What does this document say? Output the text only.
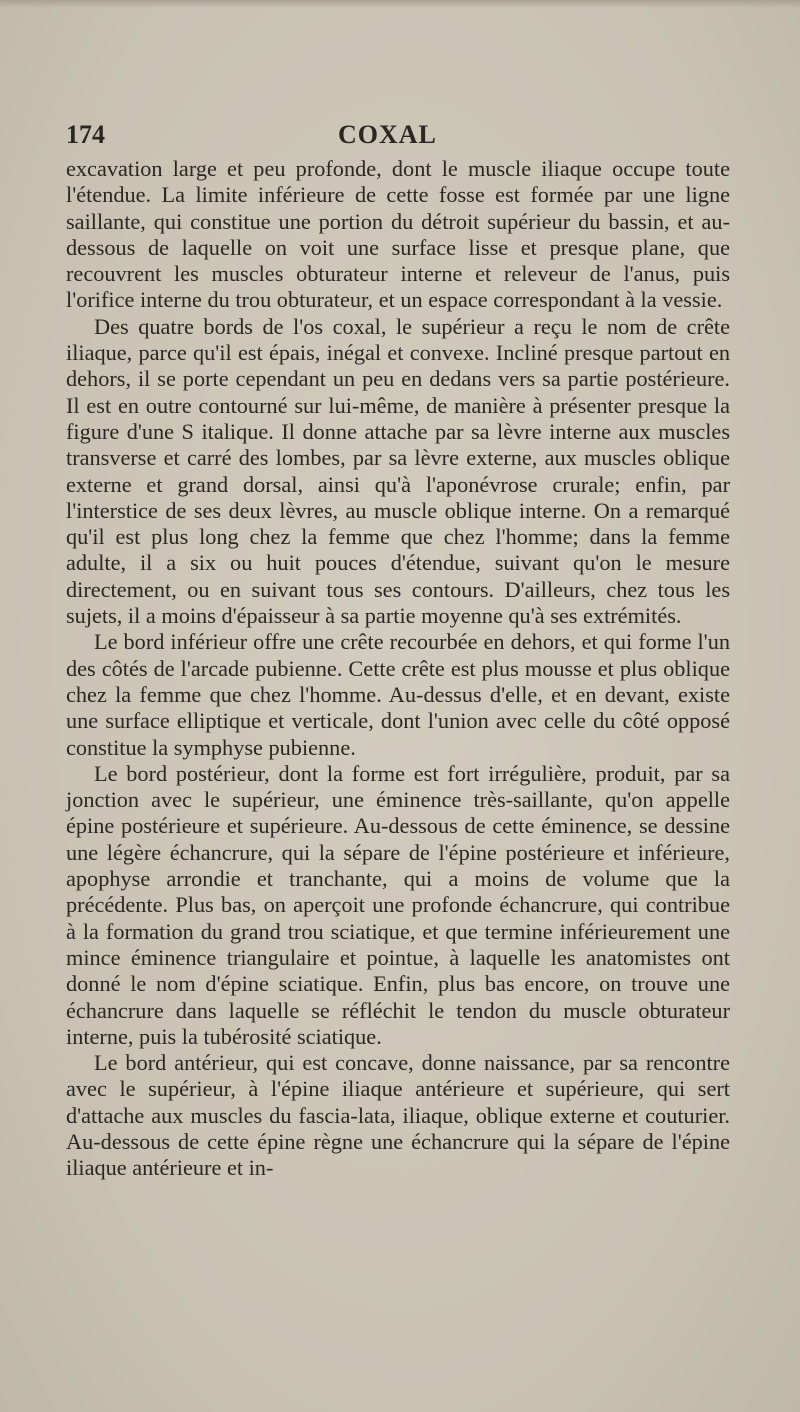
174	COXAL

excavation large et peu profonde, dont le muscle iliaque occupe toute l'étendue. La limite inférieure de cette fosse est formée par une ligne saillante, qui constitue une portion du détroit supérieur du bassin, et au-dessous de laquelle on voit une surface lisse et presque plane, que recouvrent les muscles obturateur interne et releveur de l'anus, puis l'orifice interne du trou obturateur, et un espace correspondant à la vessie.

Des quatre bords de l'os coxal, le supérieur a reçu le nom de crête iliaque, parce qu'il est épais, inégal et convexe. Incliné presque partout en dehors, il se porte cependant un peu en dedans vers sa partie postérieure. Il est en outre contourné sur lui-même, de manière à présenter presque la figure d'une S italique. Il donne attache par sa lèvre interne aux muscles transverse et carré des lombes, par sa lèvre externe, aux muscles oblique externe et grand dorsal, ainsi qu'à l'aponévrose crurale; enfin, par l'interstice de ses deux lèvres, au muscle oblique interne. On a remarqué qu'il est plus long chez la femme que chez l'homme; dans la femme adulte, il a six ou huit pouces d'étendue, suivant qu'on le mesure directement, ou en suivant tous ses contours. D'ailleurs, chez tous les sujets, il a moins d'épaisseur à sa partie moyenne qu'à ses extrémités.

Le bord inférieur offre une crête recourbée en dehors, et qui forme l'un des côtés de l'arcade pubienne. Cette crête est plus mousse et plus oblique chez la femme que chez l'homme. Au-dessus d'elle, et en devant, existe une surface elliptique et verticale, dont l'union avec celle du côté opposé constitue la symphyse pubienne.

Le bord postérieur, dont la forme est fort irrégulière, produit, par sa jonction avec le supérieur, une éminence très-saillante, qu'on appelle épine postérieure et supérieure. Au-dessous de cette éminence, se dessine une légère échancrure, qui la sépare de l'épine postérieure et inférieure, apophyse arrondie et tranchante, qui a moins de volume que la précédente. Plus bas, on aperçoit une profonde échancrure, qui contribue à la formation du grand trou sciatique, et que termine inférieurement une mince éminence triangulaire et pointue, à laquelle les anatomistes ont donné le nom d'épine sciatique. Enfin, plus bas encore, on trouve une échancrure dans laquelle se réfléchit le tendon du muscle obturateur interne, puis la tubérosité sciatique.

Le bord antérieur, qui est concave, donne naissance, par sa rencontre avec le supérieur, à l'épine iliaque antérieure et supérieure, qui sert d'attache aux muscles du fascia-lata, iliaque, oblique externe et couturier. Au-dessous de cette épine règne une échancrure qui la sépare de l'épine iliaque antérieure et in-
